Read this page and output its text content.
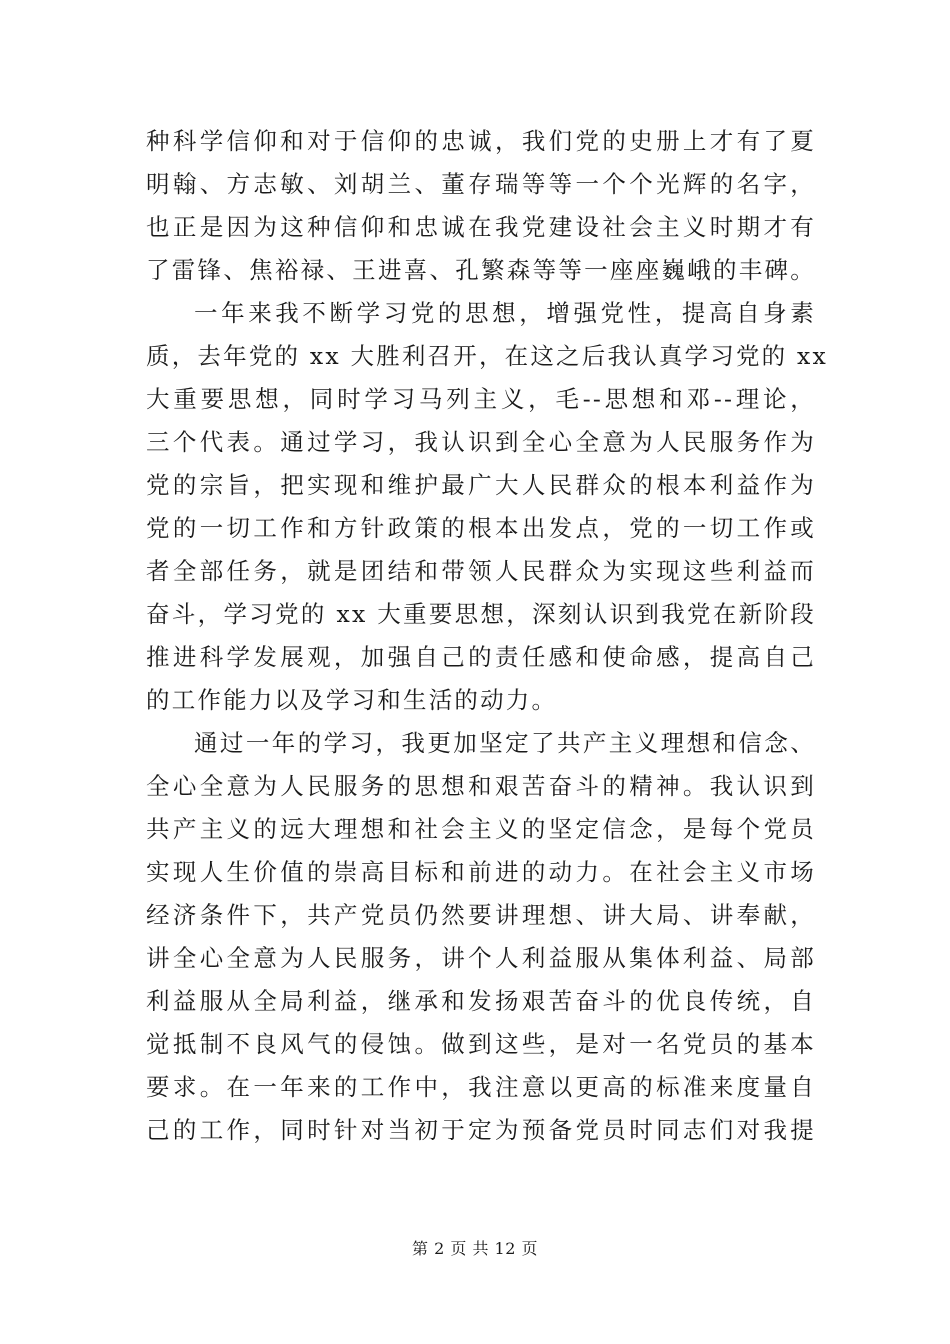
种科学信仰和对于信仰的忠诚，我们党的史册上才有了夏
明翰、方志敏、刘胡兰、董存瑞等等一个个光辉的名字，
也正是因为这种信仰和忠诚在我党建设社会主义时期才有
了雷锋、焦裕禄、王进喜、孔繁森等等一座座巍峨的丰碑。
一年来我不断学习党的思想，增强党性，提高自身素
质，去年党的 xx 大胜利召开，在这之后我认真学习党的 xx
大重要思想，同时学习马列主义，毛--思想和邓--理论，
三个代表。通过学习，我认识到全心全意为人民服务作为
党的宗旨，把实现和维护最广大人民群众的根本利益作为
党的一切工作和方针政策的根本出发点，党的一切工作或
者全部任务，就是团结和带领人民群众为实现这些利益而
奋斗，学习党的 xx 大重要思想，深刻认识到我党在新阶段
推进科学发展观，加强自己的责任感和使命感，提高自己
的工作能力以及学习和生活的动力。
通过一年的学习，我更加坚定了共产主义理想和信念、
全心全意为人民服务的思想和艰苦奋斗的精神。我认识到
共产主义的远大理想和社会主义的坚定信念，是每个党员
实现人生价值的崇高目标和前进的动力。在社会主义市场
经济条件下，共产党员仍然要讲理想、讲大局、讲奉献，
讲全心全意为人民服务，讲个人利益服从集体利益、局部
利益服从全局利益，继承和发扬艰苦奋斗的优良传统，自
觉抵制不良风气的侵蚀。做到这些，是对一名党员的基本
要求。在一年来的工作中，我注意以更高的标准来度量自
己的工作，同时针对当初于定为预备党员时同志们对我提
第 2 页 共 12 页
